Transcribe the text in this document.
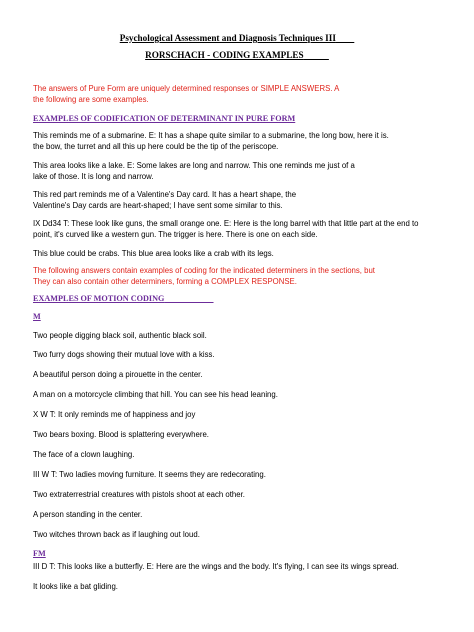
Psychological Assessment and Diagnosis Techniques III
RORSCHACH - CODING EXAMPLES
The answers of Pure Form are uniquely determined responses or SIMPLE ANSWERS. A
the following are some examples.
EXAMPLES OF CODIFICATION OF DETERMINANT IN PURE FORM
This reminds me of a submarine. E: It has a shape quite similar to a submarine, the long bow, here it is.
the bow, the turret and all this up here could be the tip of the periscope.
This area looks like a lake. E: Some lakes are long and narrow. This one reminds me just of a
lake of those. It is long and narrow.
This red part reminds me of a Valentine's Day card. It has a heart shape, the
Valentine's Day cards are heart-shaped; I have sent some similar to this.
IX Dd34 T: These look like guns, the small orange one. E: Here is the long barrel with that little part at the end to
point, it's curved like a western gun. The trigger is here. There is one on each side.
This blue could be crabs. This blue area looks like a crab with its legs.
The following answers contain examples of coding for the indicated determiners in the sections, but
They can also contain other determiners, forming a COMPLEX RESPONSE.
EXAMPLES OF MOTION CODING
M
Two people digging black soil, authentic black soil.
Two furry dogs showing their mutual love with a kiss.
A beautiful person doing a pirouette in the center.
A man on a motorcycle climbing that hill. You can see his head leaning.
X W T: It only reminds me of happiness and joy
Two bears boxing. Blood is splattering everywhere.
The face of a clown laughing.
III W T: Two ladies moving furniture. It seems they are redecorating.
Two extraterrestrial creatures with pistols shoot at each other.
A person standing in the center.
Two witches thrown back as if laughing out loud.
FM
III D T: This looks like a butterfly. E: Here are the wings and the body. It's flying, I can see its wings spread.
It looks like a bat gliding.
